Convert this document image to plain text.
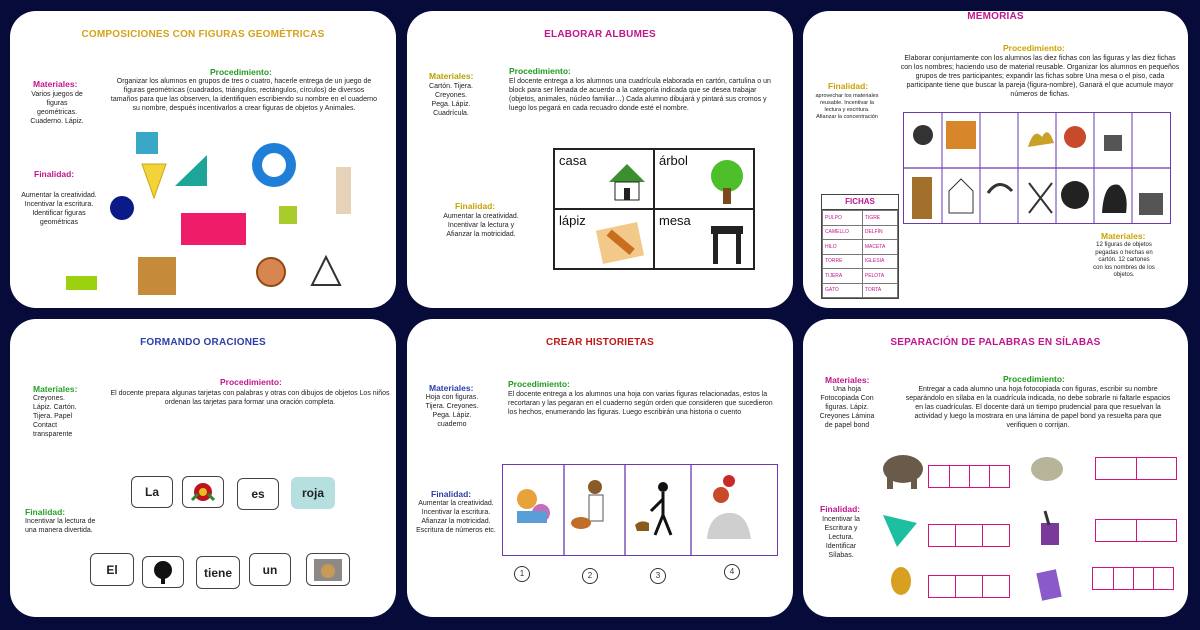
COMPOSICIONES CON FIGURAS GEOMÉTRICAS
Materiales:
Varios juegos de figuras geométricas. Cuaderno. Lápiz.
Procedimiento:
Organizar los alumnos en grupos de tres o cuatro, hacerle entrega de un juego de figuras geométricas (cuadrados, triángulos, rectángulos, círculos) de diversos tamaños para que las observen, la identifiquen escribiendo su nombre en el cuaderno su nombre, después incentivarlos a crear figuras de objetos y Animales.
Finalidad:
Aumentar la creatividad. Incentivar la escritura. Identificar figuras geométricas
ELABORAR ALBUMES
Materiales:
Cartón. Tijera. Creyones. Pega. Lápiz. Cuadrícula.
Procedimiento:
El docente entrega a los alumnos una cuadrícula elaborada en cartón, cartulina o un block para ser llenada de acuerdo a la categoría indicada que se desea trabajar (objetos, animales, núcleo familiar…) Cada alumno dibujará y pintará sus cromos y luego los pegará en cada recuadro donde esté el nombre.
Finalidad:
Aumentar la creatividad. Incentivar la lectura y Afianzar la motricidad.
casa	árbol
lápiz	mesa
MEMORIAS
Procedimiento:
Elaborar conjuntamente con los alumnos las diez fichas con las figuras y las diez fichas con los nombres; haciendo uso de material reusable. Organizar los alumnos en pequeños grupos de tres participantes; expandir las fichas sobre Una mesa o el piso, cada participante tiene que buscar la pareja (figura-nombre), Ganará el que acumule mayor números de fichas.
Finalidad:
aprovechar los materiales reusable. Incentivar la lectura y escritura. Afianzar la concentración
FICHAS
PULPO	TIGRE
CAMELLO	DELFÍN
HILO	MACETA
TORRE	IGLESIA
TIJERA	PELOTA
GATO	TORTA
Materiales:
12 figuras de objetos pegadas o hechas en cartón. 12 cartones con los nombres de los objetos.
FORMANDO ORACIONES
Materiales:
Creyones. Lápiz. Cartón. Tijera. Papel Contact transparente
Procedimiento:
El docente prepara algunas tarjetas con palabras y otras con dibujos de objetos Los niños ordenan las tarjetas para formar una oración completa.
Finalidad:
Incentivar la lectura de una manera divertida.
La	es	roja
El	tiene	un
CREAR HISTORIETAS
Materiales:
Hoja con figuras. Tijera. Creyones. Pega. Lápiz. cuaderno
Procedimiento:
El docente entrega a los alumnos una hoja con varias figuras relacionadas, estos la recortaran y las pegaran en el cuaderno según orden que consideren que sucedieron los hechos, enumerando las figuras. Luego escribirán una historia o cuento
Finalidad:
Aumentar la creatividad. Incentivar la escritura. Afianzar la motricidad. Escritura de números etc.
1	2	3	4
SEPARACIÓN DE PALABRAS EN SÍLABAS
Materiales:
Una hoja Fotocopiada Con figuras. Lápiz. Creyones Lámina de papel bond
Procedimiento:
Entregar a cada alumno una hoja fotocopiada con figuras, escribir su nombre separándolo en sílaba en la cuadrícula indicada, no debe sobrarle ni faltarle espacios en las cuadrículas. El docente dará un tiempo prudencial para que resuelvan la actividad y luego la mostrara en una lámina de papel bond ya resuelta para que verifiquen o corrijan.
Finalidad:
Incentivar la Escritura y Lectura. Identificar Sílabas.
